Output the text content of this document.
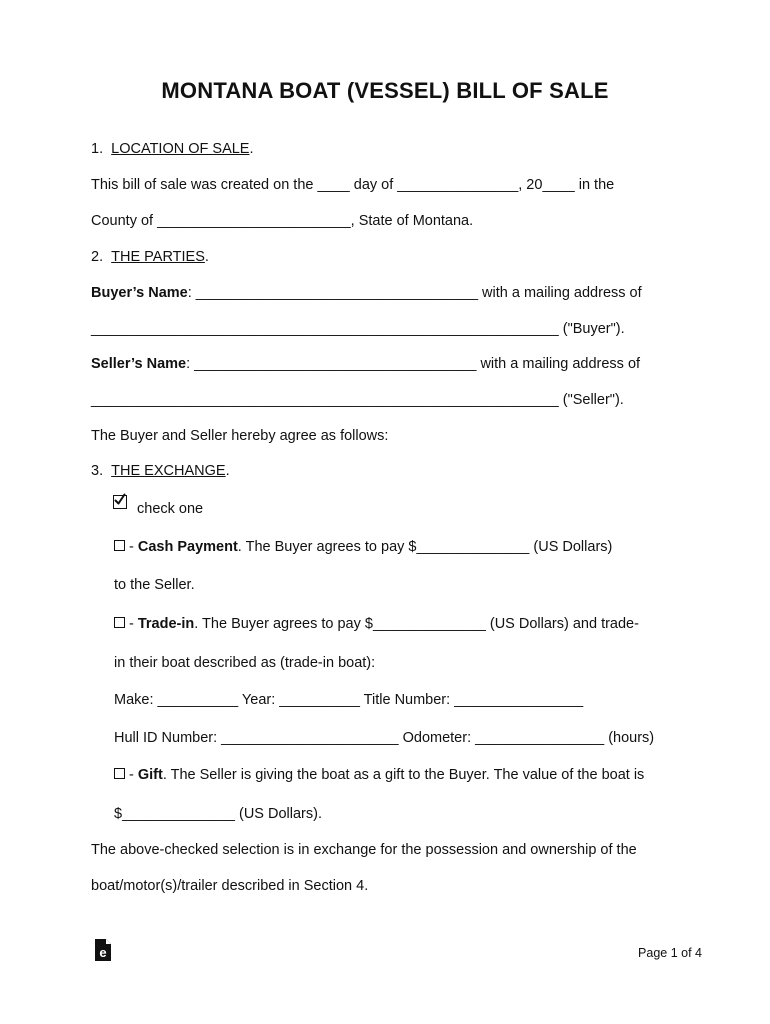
MONTANA BOAT (VESSEL) BILL OF SALE
1. LOCATION OF SALE.
This bill of sale was created on the ____ day of _______________, 20____ in the
County of ________________________, State of Montana.
2. THE PARTIES.
Buyer’s Name: ___________________________________ with a mailing address of
__________________________________________________________ ("Buyer").
Seller’s Name: ___________________________________ with a mailing address of
__________________________________________________________ ("Seller").
The Buyer and Seller hereby agree as follows:
3. THE EXCHANGE.
check one
- Cash Payment. The Buyer agrees to pay $______________ (US Dollars)
to the Seller.
- Trade-in. The Buyer agrees to pay $______________ (US Dollars) and trade-
in their boat described as (trade-in boat):
Make: __________ Year: __________ Title Number: ________________
Hull ID Number: ______________________ Odometer: ________________ (hours)
- Gift. The Seller is giving the boat as a gift to the Buyer. The value of the boat is
$______________ (US Dollars).
The above-checked selection is in exchange for the possession and ownership of the
boat/motor(s)/trailer described in Section 4.
e	Page 1 of 4
